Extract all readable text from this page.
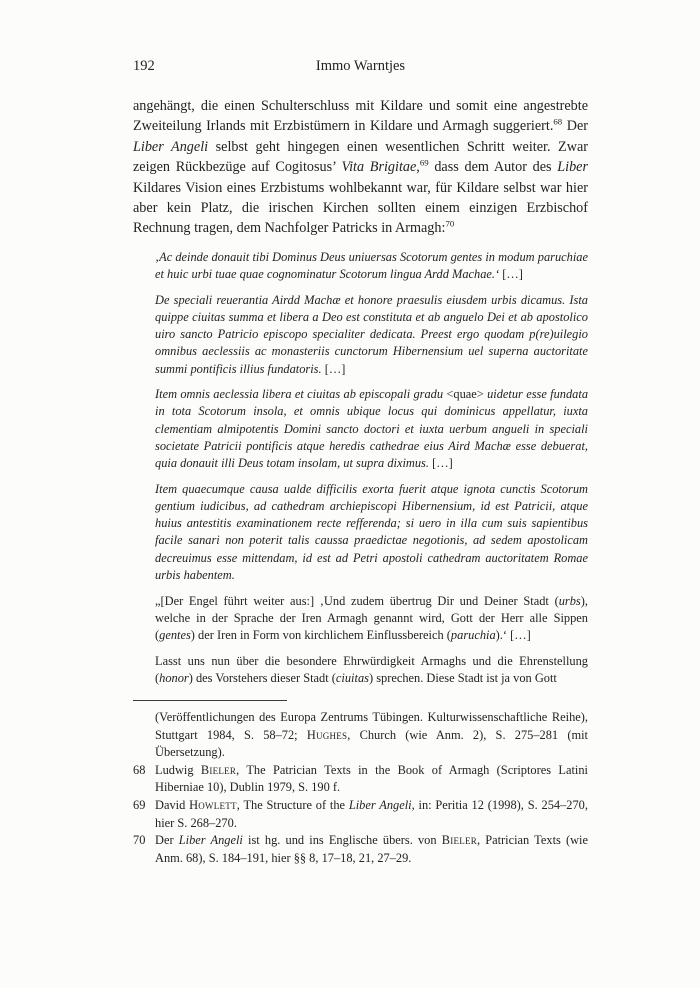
192	Immo Warntjes

angehängt, die einen Schulterschluss mit Kildare und somit eine angestrebte Zweiteilung Irlands mit Erzbistümern in Kildare und Armagh suggeriert.$^{68}$ Der Liber Angeli selbst geht hingegen einen wesentlichen Schritt weiter. Zwar zeigen Rückbezüge auf Cogitosus’ Vita Brigitae,$^{69}$ dass dem Autor des Liber Kildares Vision eines Erzbistums wohlbekannt war, für Kildare selbst war hier aber kein Platz, die irischen Kirchen sollten einem einzigen Erzbischof Rechnung tragen, dem Nachfolger Patricks in Armagh:$^{70}$

‚Ac deinde donauit tibi Dominus Deus uniuersas Scotorum gentes in modum paruchiae et huic urbi tuae quae cognominatur Scotorum lingua Ardd Machae.‘ […]

De speciali reuerantia Airdd Machæ et honore praesulis eiusdem urbis dicamus. Ista quippe ciuitas summa et libera a Deo est constituta et ab anguelo Dei et ab apostolico uiro sancto Patricio episcopo specialiter dedicata. Preest ergo quodam p(re)uilegio omnibus aeclessiis ac monasteriis cunctorum Hibernensium uel superna auctoritate summi pontificis illius fundatoris. […]

Item omnis aeclessia libera et ciuitas ab episcopali gradu <quae> uidetur esse fundata in tota Scotorum insola, et omnis ubique locus qui dominicus appellatur, iuxta clementiam almipotentis Domini sancto doctori et iuxta uerbum angueli in speciali societate Patricii pontificis atque heredis cathedrae eius Aird Machæ esse debuerat, quia donauit illi Deus totam insolam, ut supra diximus. […]

Item quaecumque causa ualde difficilis exorta fuerit atque ignota cunctis Scotorum gentium iudicibus, ad cathedram archiepiscopi Hibernensium, id est Patricii, atque huius antestitis examinationem recte refferenda; si uero in illa cum suis sapientibus facile sanari non poterit talis caussa praedictae negotionis, ad sedem apostolicam decreuimus esse mittendam, id est ad Petri apostoli cathedram auctoritatem Romae urbis habentem.

„[Der Engel führt weiter aus:] ‚Und zudem übertrug Dir und Deiner Stadt (urbs), welche in der Sprache der Iren Armagh genannt wird, Gott der Herr alle Sippen (gentes) der Iren in Form von kirchlichem Einflussbereich (paruchia).‘ […]

Lasst uns nun über die besondere Ehrwürdigkeit Armaghs und die Ehrenstellung (honor) des Vorstehers dieser Stadt (ciuitas) sprechen. Diese Stadt ist ja von Gott

(Veröffentlichungen des Europa Zentrums Tübingen. Kulturwissenschaftliche Reihe), Stuttgart 1984, S. 58–72; Hughes, Church (wie Anm. 2), S. 275–281 (mit Übersetzung).

68 Ludwig Bieler, The Patrician Texts in the Book of Armagh (Scriptores Latini Hiberniae 10), Dublin 1979, S. 190 f.

69 David Howlett, The Structure of the Liber Angeli, in: Peritia 12 (1998), S. 254–270, hier S. 268–270.

70 Der Liber Angeli ist hg. und ins Englische übers. von Bieler, Patrician Texts (wie Anm. 68), S. 184–191, hier §§ 8, 17–18, 21, 27–29.
